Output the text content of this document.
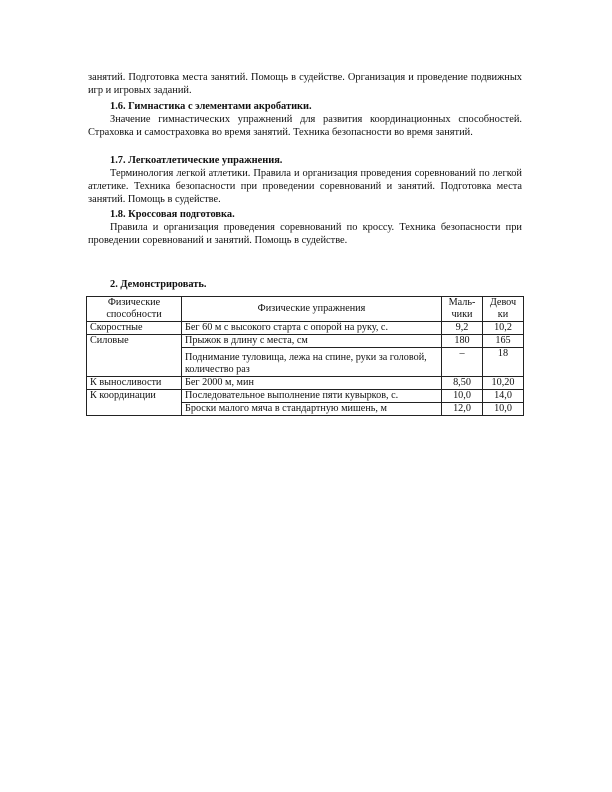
занятий. Подготовка места занятий. Помощь в судействе. Организация и проведение подвижных игр и игровых заданий.
1.6. Гимнастика с элементами акробатики.
Значение гимнастических упражнений для развития координационных способностей. Страховка и самостраховка во время занятий. Техника безопасности во время занятий.
1.7. Легкоатлетические упражнения.
Терминология легкой атлетики. Правила и организация проведения соревнований по легкой атлетике. Техника безопасности при проведении соревнований и занятий. Подготовка места занятий. Помощь в судействе.
1.8. Кроссовая подготовка.
Правила и организация проведения соревнований по кроссу. Техника безопасности при проведении соревнований и занятий. Помощь в судействе.
2. Демонстрировать.
Физические способности	Физические упражнения	Маль-чики	Девоч ки
Скоростные	Бег 60 м с высокого старта с опорой на руку, с.	9,2	10,2
Силовые	Прыжок в длину с места, см	180	165
	Поднимание туловища, лежа на спине, руки за головой, количество раз	–	18
К выносливости	Бег 2000 м, мин	8,50	10,20
К координации	Последовательное выполнение пяти кувырков, с.	10,0	14,0
	Броски малого мяча в стандартную мишень, м	12,0	10,0
